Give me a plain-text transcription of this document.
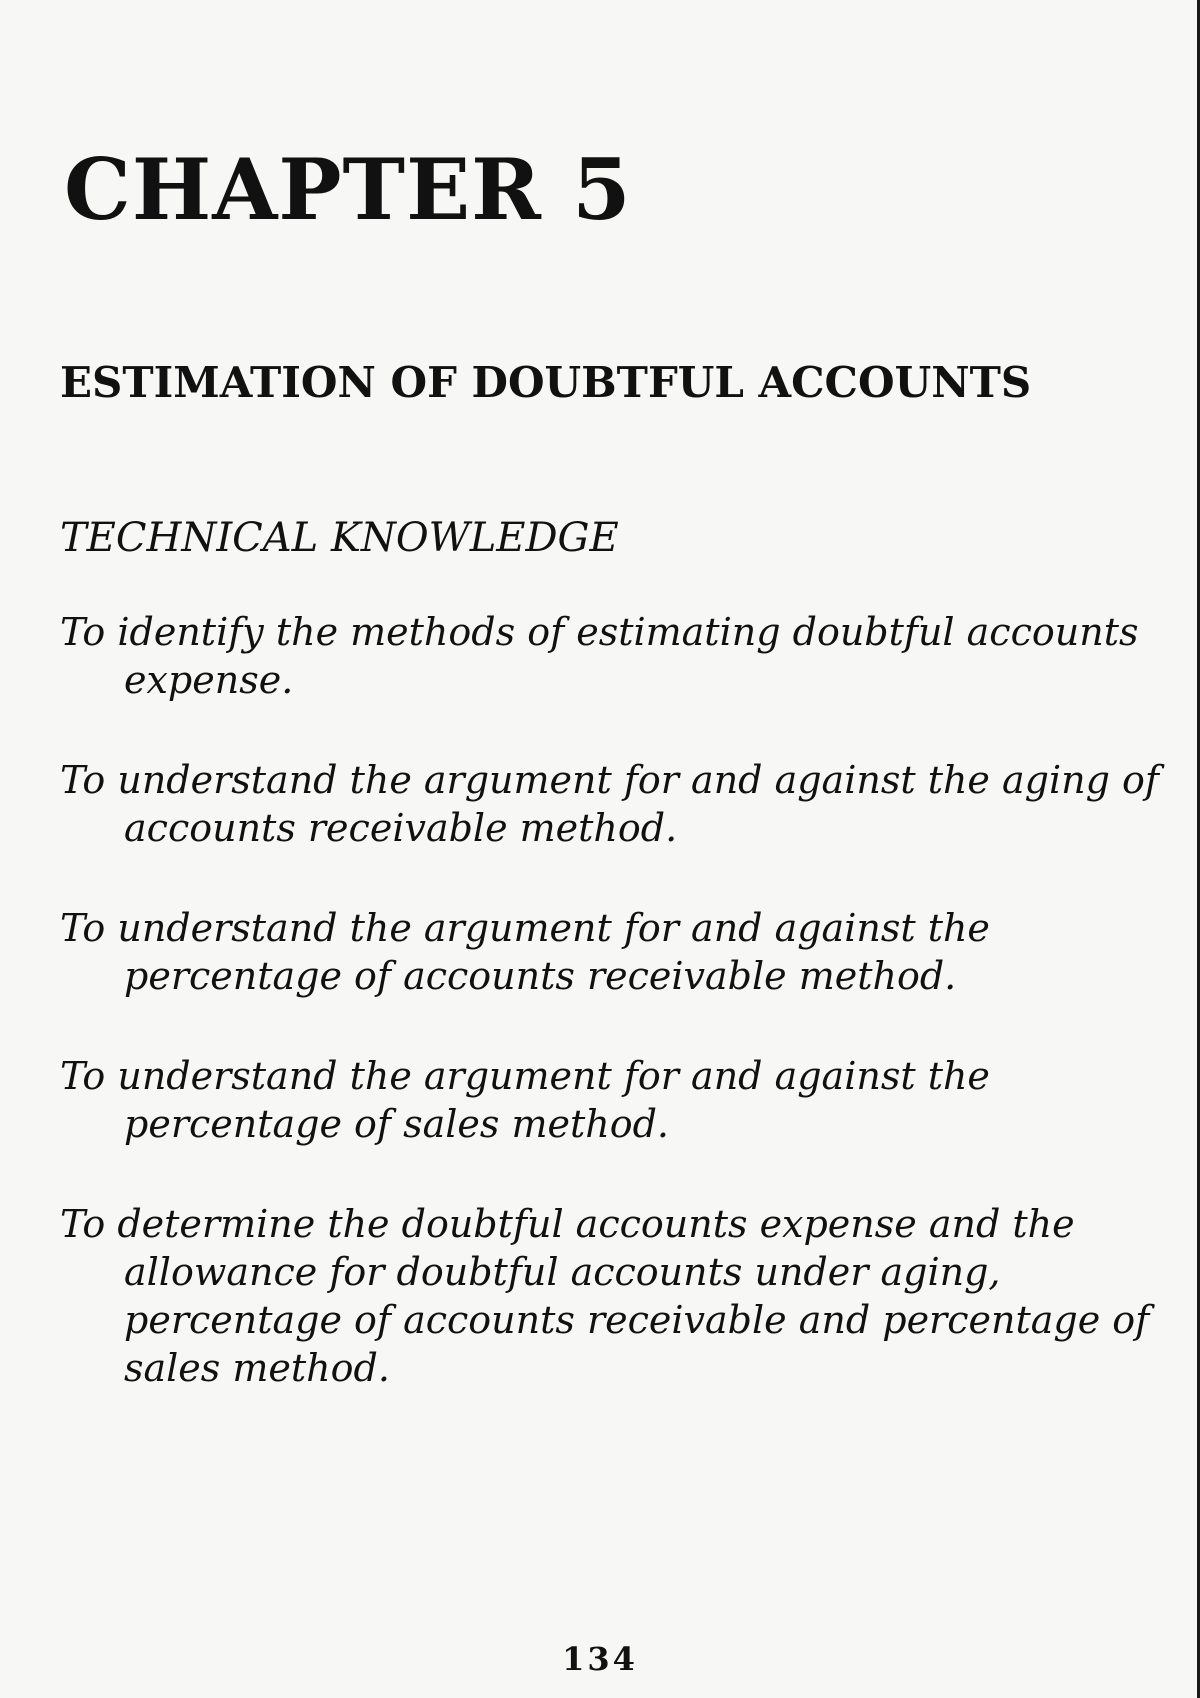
CHAPTER 5
ESTIMATION OF DOUBTFUL ACCOUNTS
TECHNICAL KNOWLEDGE
To identify the methods of estimating doubtful accounts expense.
To understand the argument for and against the aging of accounts receivable method.
To understand the argument for and against the percentage of accounts receivable method.
To understand the argument for and against the percentage of sales method.
To determine the doubtful accounts expense and the allowance for doubtful accounts under aging, percentage of accounts receivable and percentage of sales method.
134
